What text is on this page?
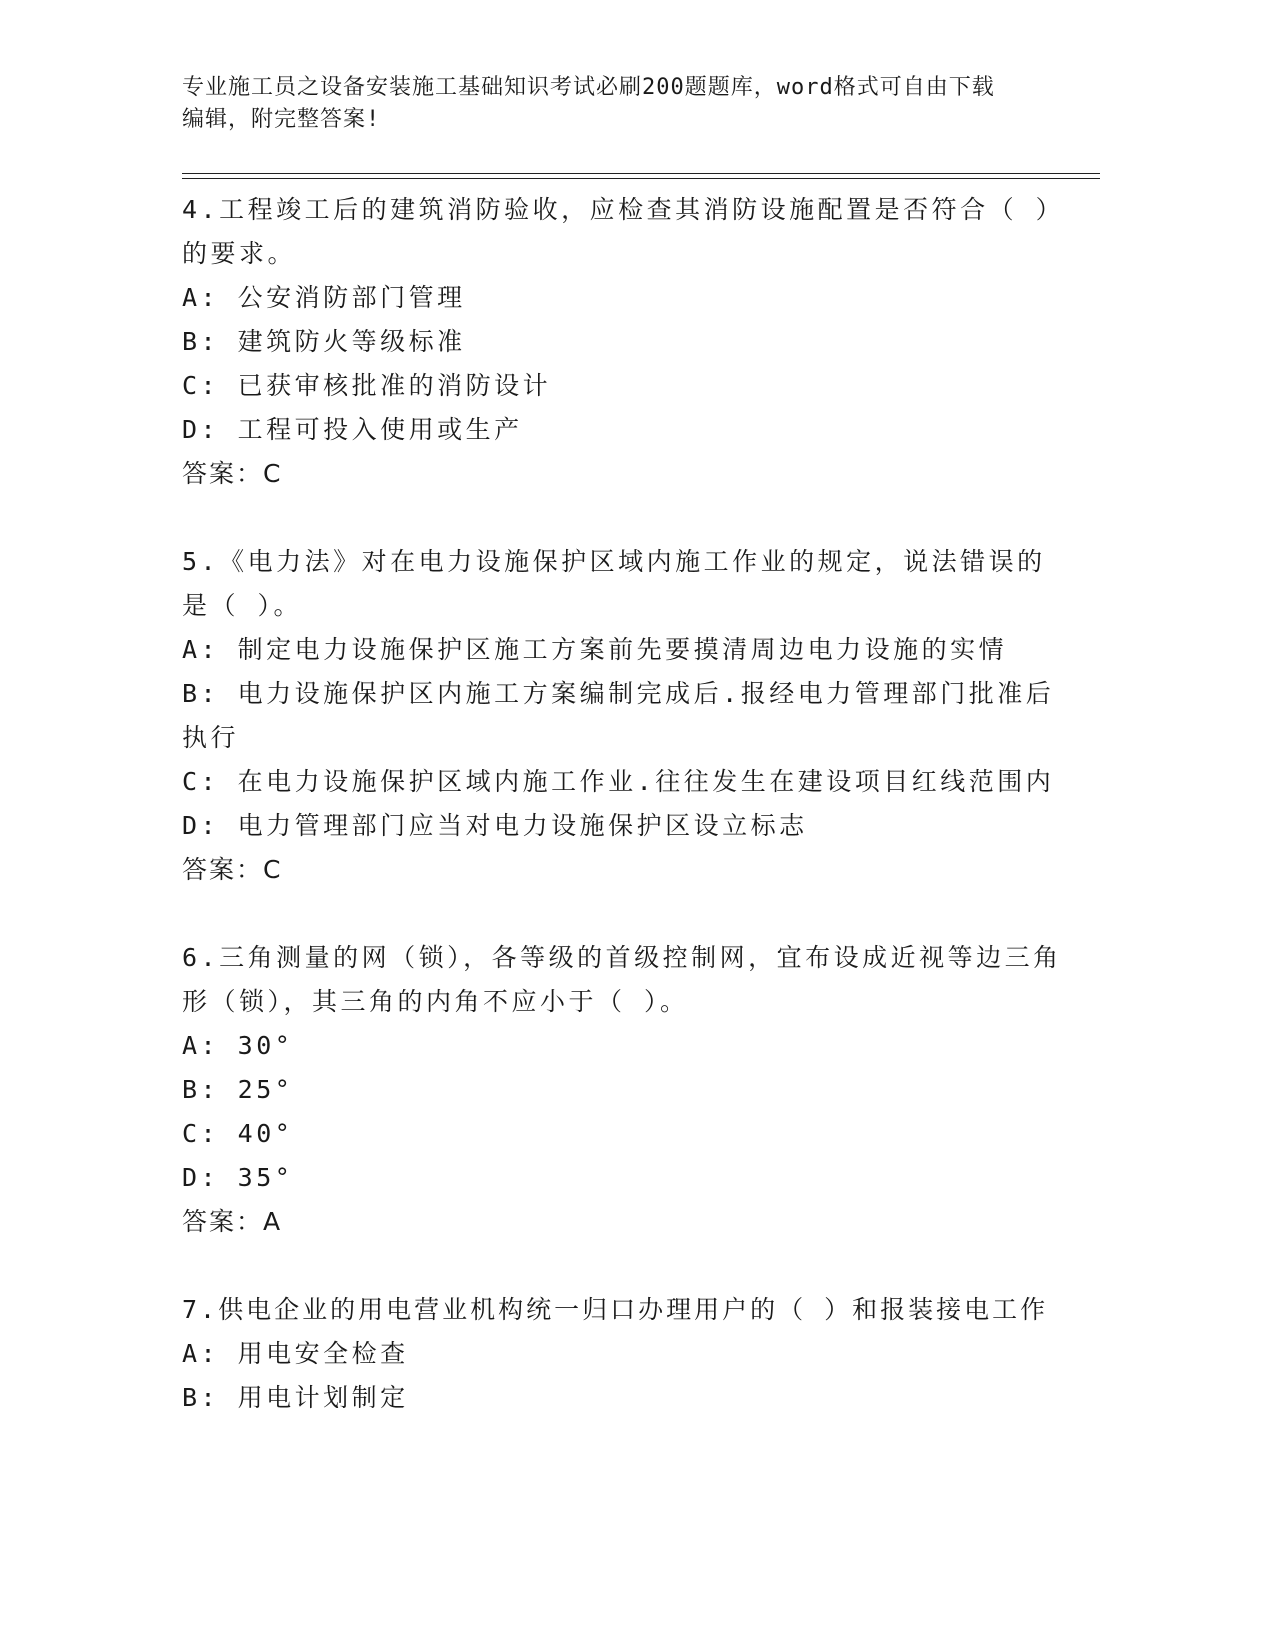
专业施工员之设备安装施工基础知识考试必刷200题题库，word格式可自由下载
编辑，附完整答案!
4.工程竣工后的建筑消防验收，应检查其消防设施配置是否符合（ ）的要求。
A: 公安消防部门管理
B: 建筑防火等级标准
C: 已获审核批准的消防设计
D: 工程可投入使用或生产
答案：C
5.《电力法》对在电力设施保护区域内施工作业的规定，说法错误的是（ ）。
A: 制定电力设施保护区施工方案前先要摸清周边电力设施的实情
B: 电力设施保护区内施工方案编制完成后.报经电力管理部门批准后执行
C: 在电力设施保护区域内施工作业.往往发生在建设项目红线范围内
D: 电力管理部门应当对电力设施保护区设立标志
答案：C
6.三角测量的网（锁），各等级的首级控制网，宜布设成近视等边三角形（锁），其三角的内角不应小于（ ）。
A: 30°
B: 25°
C: 40°
D: 35°
答案：A
7.供电企业的用电营业机构统一归口办理用户的（ ）和报装接电工作
A: 用电安全检查
B: 用电计划制定
